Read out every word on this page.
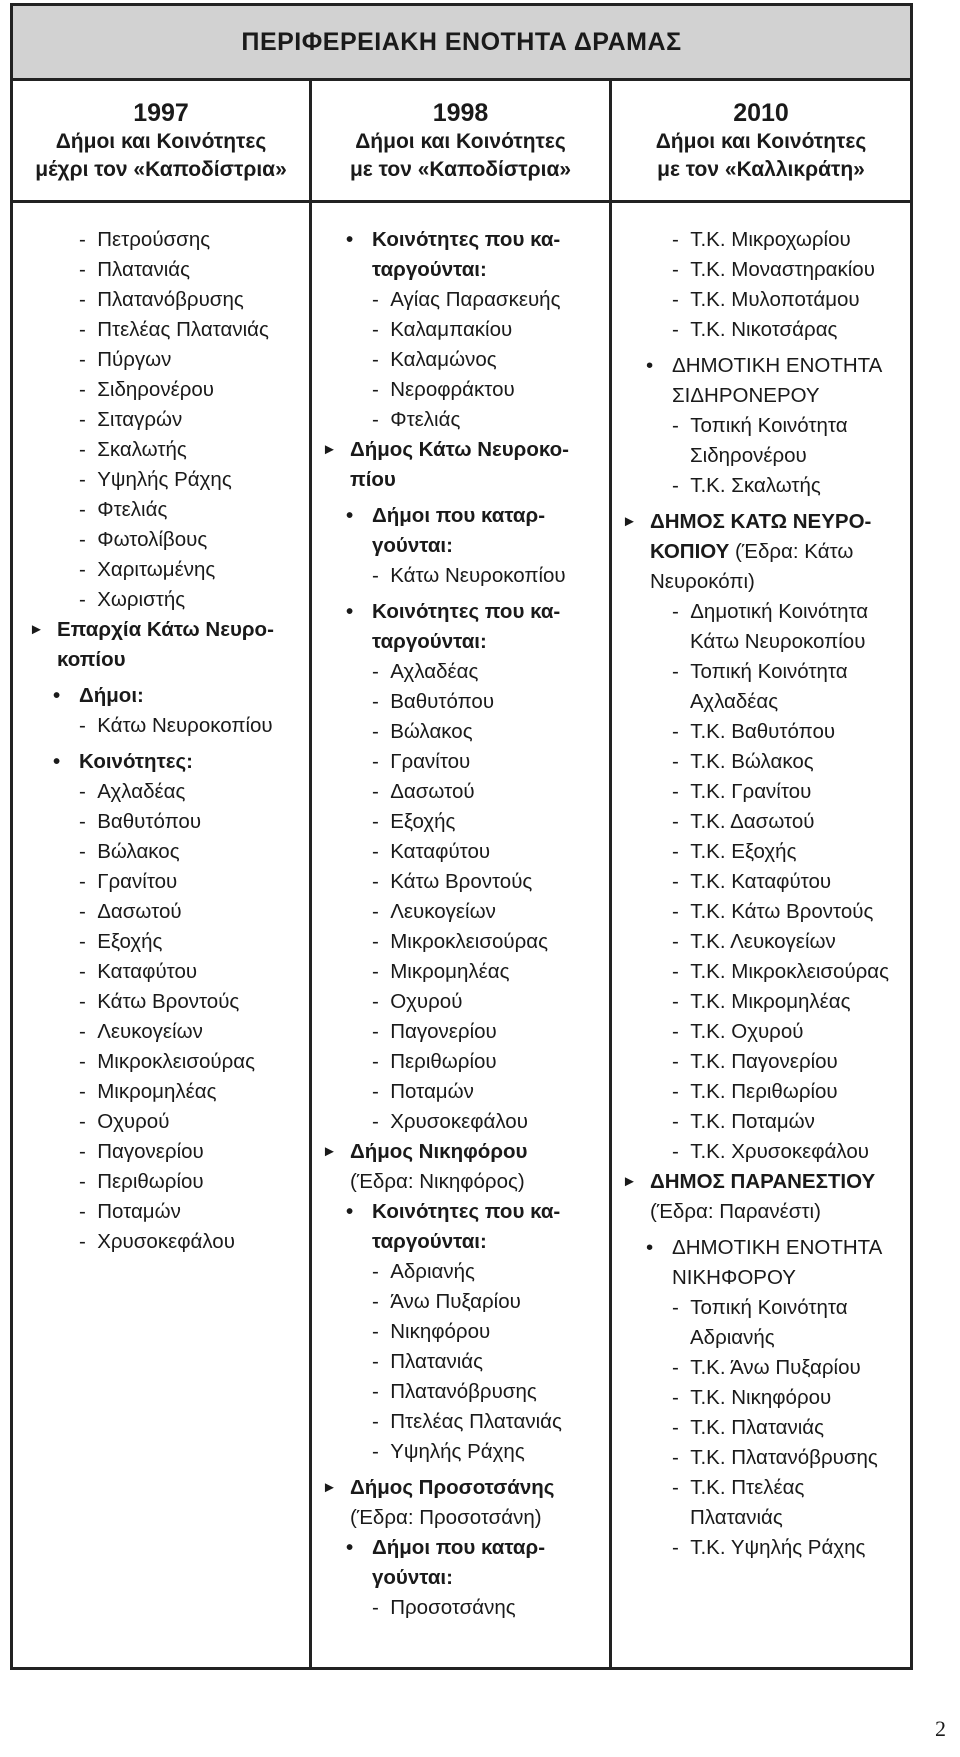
ΠΕΡΙΦΕΡΕΙΑΚΗ ΕΝΟΤΗΤΑ ΔΡΑΜΑΣ
1997
Δήμοι και Κοινότητες
μέχρι τον «Καποδίστρια»
1998
Δήμοι και Κοινότητες
με τον «Καποδίστρια»
2010
Δήμοι και Κοινότητες
με τον «Καλλικράτη»
-  Πετρούσσης
-  Πλατανιάς
-  Πλατανόβρυσης
-  Πτελέας Πλατανιάς
-  Πύργων
-  Σιδηρονέρου
-  Σιταγρών
-  Σκαλωτής
-  Υψηλής Ράχης
-  Φτελιάς
-  Φωτολίβους
-  Χαριτωμένης
-  Χωριστής
► Επαρχία Κάτω Νευρο-
κοπίου
• Δήμοι:
-  Κάτω Νευροκοπίου
• Κοινότητες:
-  Αχλαδέας
-  Βαθυτόπου
-  Βώλακος
-  Γρανίτου
-  Δασωτού
-  Εξοχής
-  Καταφύτου
-  Κάτω Βροντούς
-  Λευκογείων
-  Μικροκλεισούρας
-  Μικρομηλέας
-  Οχυρού
-  Παγονερίου
-  Περιθωρίου
-  Ποταμών
-  Χρυσοκεφάλου
• Κοινότητες που κα-
ταργούνται:
-  Αγίας Παρασκευής
-  Καλαμπακίου
-  Καλαμώνος
-  Νεροφράκτου
-  Φτελιάς
► Δήμος Κάτω Νευροκο-
πίου
• Δήμοι που καταρ-
γούνται:
-  Κάτω Νευροκοπίου
• Κοινότητες που κα-
ταργούνται:
-  Αχλαδέας
-  Βαθυτόπου
-  Βώλακος
-  Γρανίτου
-  Δασωτού
-  Εξοχής
-  Καταφύτου
-  Κάτω Βροντούς
-  Λευκογείων
-  Μικροκλεισούρας
-  Μικρομηλέας
-  Οχυρού
-  Παγονερίου
-  Περιθωρίου
-  Ποταμών
-  Χρυσοκεφάλου
► Δήμος Νικηφόρου
(Έδρα: Νικηφόρος)
• Κοινότητες που κα-
ταργούνται:
-  Αδριανής
-  Άνω Πυξαρίου
-  Νικηφόρου
-  Πλατανιάς
-  Πλατανόβρυσης
-  Πτελέας Πλατανιάς
-  Υψηλής Ράχης
► Δήμος Προσοτσάνης
(Έδρα: Προσοτσάνη)
• Δήμοι που καταρ-
γούνται:
-  Προσοτσάνης
-  Τ.Κ. Μικροχωρίου
-  Τ.Κ. Μοναστηρακίου
-  Τ.Κ. Μυλοποτάμου
-  Τ.Κ. Νικοτσάρας
• ΔΗΜΟΤΙΚΗ ΕΝΟΤΗΤΑ
ΣΙΔΗΡΟΝΕΡΟΥ
-  Τοπική Κοινότητα
Σιδηρονέρου
-  Τ.Κ. Σκαλωτής
► ΔΗΜΟΣ ΚΑΤΩ ΝΕΥΡΟ-
ΚΟΠΙΟΥ (Έδρα: Κάτω
Νευροκόπι)
-  Δημοτική Κοινότητα
Κάτω Νευροκοπίου
-  Τοπική Κοινότητα
Αχλαδέας
-  Τ.Κ. Βαθυτόπου
-  Τ.Κ. Βώλακος
-  Τ.Κ. Γρανίτου
-  Τ.Κ. Δασωτού
-  Τ.Κ. Εξοχής
-  Τ.Κ. Καταφύτου
-  Τ.Κ. Κάτω Βροντούς
-  Τ.Κ. Λευκογείων
-  Τ.Κ. Μικροκλεισούρας
-  Τ.Κ. Μικρομηλέας
-  Τ.Κ. Οχυρού
-  Τ.Κ. Παγονερίου
-  Τ.Κ. Περιθωρίου
-  Τ.Κ. Ποταμών
-  Τ.Κ. Χρυσοκεφάλου
► ΔΗΜΟΣ ΠΑΡΑΝΕΣΤΙΟΥ
(Έδρα: Παρανέστι)
• ΔΗΜΟΤΙΚΗ ΕΝΟΤΗΤΑ
ΝΙΚΗΦΟΡΟΥ
-  Τοπική Κοινότητα
Αδριανής
-  Τ.Κ. Άνω Πυξαρίου
-  Τ.Κ. Νικηφόρου
-  Τ.Κ. Πλατανιάς
-  Τ.Κ. Πλατανόβρυσης
-  Τ.Κ. Πτελέας
Πλατανιάς
-  Τ.Κ. Υψηλής Ράχης
2
